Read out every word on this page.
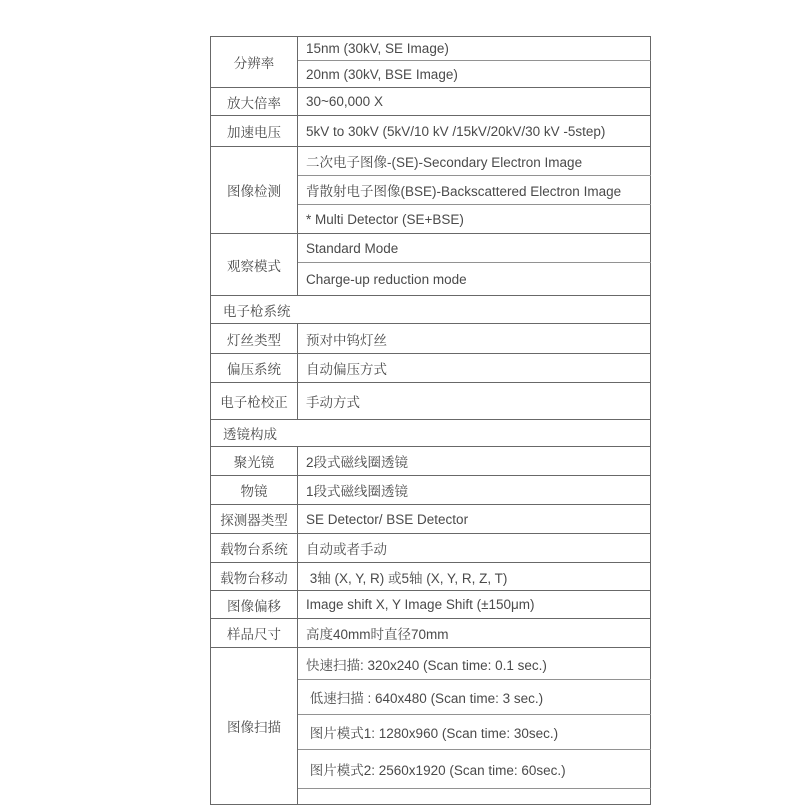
分辨率	15nm (30kV, SE Image)
	20nm (30kV, BSE Image)
放大倍率	30~60,000 X
加速电压	5kV to 30kV (5kV/10 kV /15kV/20kV/30 kV -5step)
图像检测	二次电子图像-(SE)-Secondary Electron Image
	背散射电子图像(BSE)-Backscattered Electron Image
	* Multi Detector (SE+BSE)
观察模式	Standard Mode
	Charge-up reduction mode
电子枪系统	
灯丝类型	预对中钨灯丝
偏压系统	自动偏压方式
电子枪校正	手动方式
透镜构成	
聚光镜	2段式磁线圈透镜
物镜	1段式磁线圈透镜
探测器类型	SE Detector/ BSE Detector
载物台系统	自动或者手动
载物台移动	3轴 (X, Y, R) 或5轴 (X, Y, R, Z, T)
图像偏移	Image shift X, Y Image Shift (±150μm)
样品尺寸	高度40mm时直径70mm
图像扫描	快速扫描: 320x240 (Scan time: 0.1 sec.)
	低速扫描 : 640x480 (Scan time: 3 sec.)
	图片模式1: 1280x960 (Scan time: 30sec.)
	图片模式2: 2560x1920 (Scan time: 60sec.)
